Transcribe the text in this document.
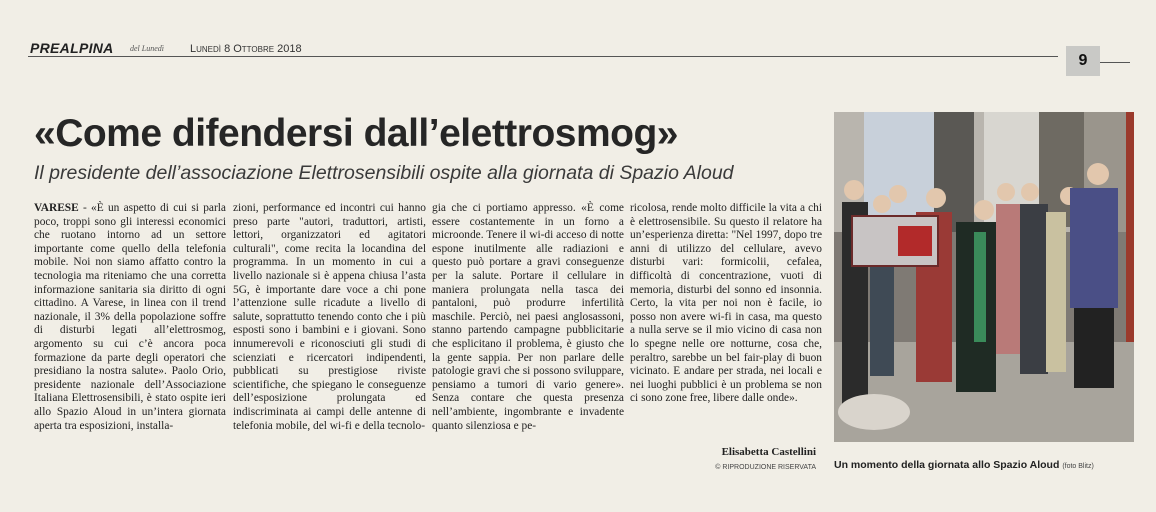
PREALPINA del Lunedì Lunedì 8 Ottobre 2018
9
«Come difendersi dall’elettrosmog»
Il presidente dell’associazione Elettrosensibili ospite alla giornata di Spazio Aloud

VARESE - «È un aspetto di cui si parla poco, troppi sono gli interessi economici che ruotano intorno ad un settore importante come quello della telefonia mobile. Noi non siamo affatto contro la tecnologia ma riteniamo che una corretta informazione sanitaria sia diritto di ogni cittadino. A Varese, in linea con il trend nazionale, il 3% della popolazione soffre di disturbi legati all’elettrosmog, argomento su cui c’è ancora poca formazione da parte degli operatori che presidiano la nostra salute». Paolo Orio, presidente nazionale dell’Associazione Italiana Elettrosensibili, è stato ospite ieri allo Spazio Aloud in un’intera giornata aperta tra esposizioni, installa-

zioni, performance ed incontri cui hanno preso parte "autori, traduttori, artisti, lettori, organizzatori ed agitatori culturali", come recita la locandina del programma. In un momento in cui a livello nazionale si è appena chiusa l’asta 5G, è importante dare voce a chi pone l’attenzione sulle ricadute a livello di salute, soprattutto tenendo conto che i più esposti sono i bambini e i giovani. Sono innumerevoli e riconosciuti gli studi di scienziati e ricercatori indipendenti, pubblicati su prestigiose riviste scientifiche, che spiegano le conseguenze dell’esposizione prolungata ed indiscriminata ai campi delle antenne di telefonia mobile, del wi-fi e della tecnolo-

gia che ci portiamo appresso. «È come essere costantemente in un forno a microonde. Tenere il wi-di acceso di notte espone inutilmente alle radiazioni e questo può portare a gravi conseguenze per la salute. Portare il cellulare in maniera prolungata nella tasca dei pantaloni, può produrre infertilità maschile. Perciò, nei paesi anglosassoni, stanno partendo campagne pubblicitarie che esplicitano il problema, è giusto che la gente sappia. Per non parlare delle patologie gravi che si possono sviluppare, pensiamo a tumori di vario genere». Senza contare che questa presenza nell’ambiente, ingombrante e invadente quanto silenziosa e pe-

ricolosa, rende molto difficile la vita a chi è elettrosensibile. Su questo il relatore ha un’esperienza diretta: "Nel 1997, dopo tre anni di utilizzo del cellulare, avevo disturbi vari: formicolii, cefalea, difficoltà di concentrazione, vuoti di memoria, disturbi del sonno ed insonnia. Certo, la vita per noi non è facile, io posso non avere wi-fi in casa, ma questo a nulla serve se il mio vicino di casa non lo spegne nelle ore notturne, cosa che, peraltro, sarebbe un bel fair-play di buon vicinato. E andare per strada, nei locali e nei luoghi pubblici è un problema se non ci sono zone free, libere dalle onde».

Elisabetta Castellini
© RIPRODUZIONE RISERVATA Un momento della giornata allo Spazio Aloud (foto Blitz)
